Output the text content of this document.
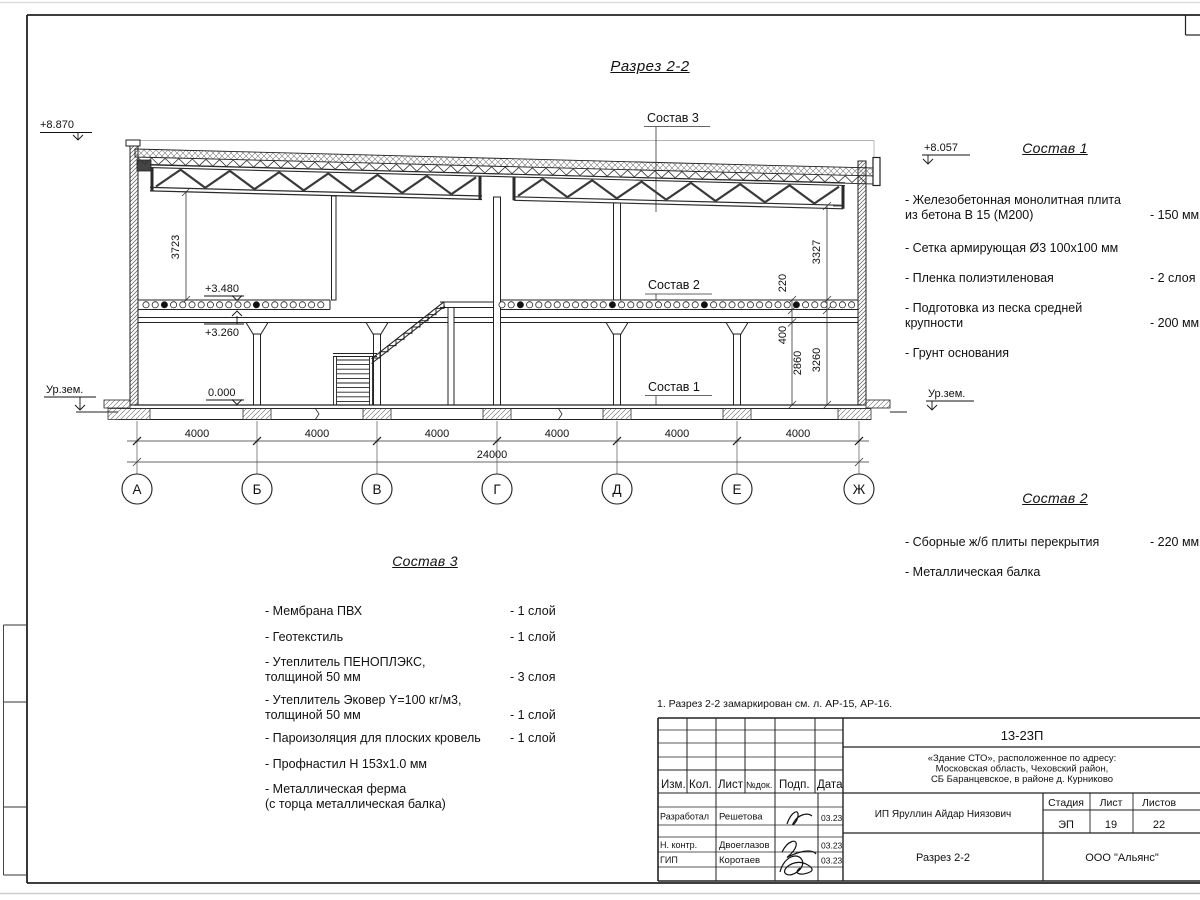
+8.870
+8.057
Ур.зем.	Ур.зем.
+3.480
+3.260
0.000
3723	3327
220
400
2860 3260
24000
Состав 3
Состав 2
Состав 1
1. Разрез 2-2 замаркирован см. л. АР-15, АР-16.
13-23П
«Здание СТО», расположенное по адресу:
Московская область, Чеховский район,
СБ Баранцевское, в районе д. Курниково
Изм. Кол. Лист №док. Подп. Дата
Разработал Решетова	03.23
Н. контр. Двоеглазов	03.23
ГИП	Коротаев	03.23
ИП Яруллин Айдар Ниязович
Стадия Лист Листов
ЭП	19	22
Разрез 2-2	ООО "Альянс"
А	Б	В	Г	Д	Е	Ж
4000	4000	4000	4000	4000	4000
Разрез 2-2
Состав 1
- Железобетонная монолитная плита
из бетона В 15 (М200)	- 150 мм
- Сетка армирующая Ø3 100х100 мм
- Пленка полиэтиленовая	- 2 слоя
- Подготовка из песка средней
крупности	- 200 мм
- Грунт основания
Состав 2
- Сборные ж/б плиты перекрытия	- 220 мм
- Металлическая балка
Состав 3
- Мембрана ПВХ	- 1 слой
- Геотекстиль	- 1 слой
- Утеплитель ПЕНОПЛЭКС,
толщиной 50 мм	- 3 слоя
- Утеплитель Эковер Y=100 кг/м3,
толщиной 50 мм	- 1 слой
- Пароизоляция для плоских кровель	- 1 слой
- Профнастил Н 153х1.0 мм
- Металлическая ферма
(с торца металлическая балка)
